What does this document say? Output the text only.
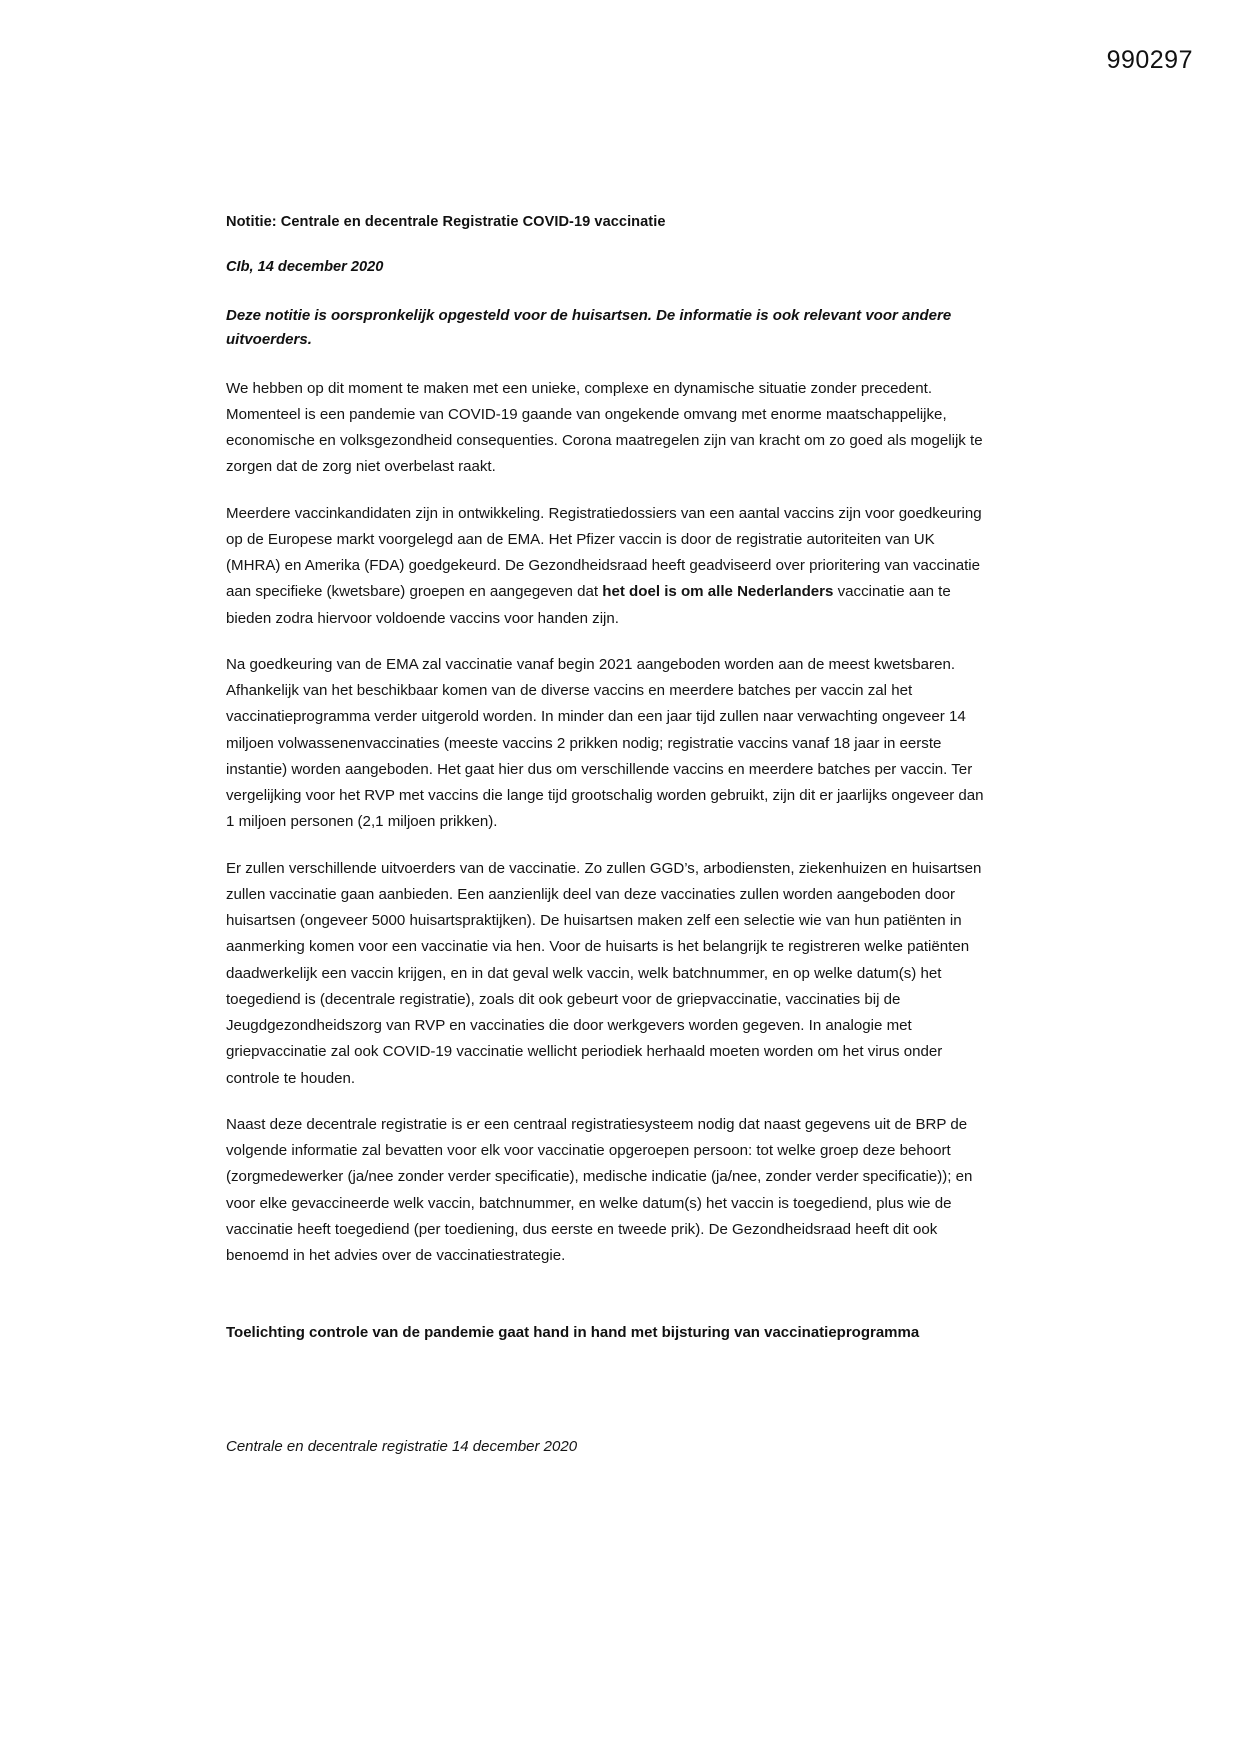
990297
Notitie: Centrale en decentrale Registratie COVID-19 vaccinatie
CIb, 14 december 2020
Deze notitie is oorspronkelijk opgesteld voor de huisartsen. De informatie is ook relevant voor andere uitvoerders.

We hebben op dit moment te maken met een unieke, complexe en dynamische situatie zonder precedent. Momenteel is een pandemie van COVID-19 gaande van ongekende omvang met enorme maatschappelijke, economische en volksgezondheid consequenties. Corona maatregelen zijn van kracht om zo goed als mogelijk te zorgen dat de zorg niet overbelast raakt.

Meerdere vaccinkandidaten zijn in ontwikkeling. Registratiedossiers van een aantal vaccins zijn voor goedkeuring op de Europese markt voorgelegd aan de EMA. Het Pfizer vaccin is door de registratie autoriteiten van UK (MHRA) en Amerika (FDA) goedgekeurd. De Gezondheidsraad heeft geadviseerd over prioritering van vaccinatie aan specifieke (kwetsbare) groepen en aangegeven dat het doel is om alle Nederlanders vaccinatie aan te bieden zodra hiervoor voldoende vaccins voor handen zijn.

Na goedkeuring van de EMA zal vaccinatie vanaf begin 2021 aangeboden worden aan de meest kwetsbaren. Afhankelijk van het beschikbaar komen van de diverse vaccins en meerdere batches per vaccin zal het vaccinatieprogramma verder uitgerold worden. In minder dan een jaar tijd zullen naar verwachting ongeveer 14 miljoen volwassenenvaccinaties (meeste vaccins 2 prikken nodig; registratie vaccins vanaf 18 jaar in eerste instantie) worden aangeboden. Het gaat hier dus om verschillende vaccins en meerdere batches per vaccin. Ter vergelijking voor het RVP met vaccins die lange tijd grootschalig worden gebruikt, zijn dit er jaarlijks ongeveer dan 1 miljoen personen (2,1 miljoen prikken).

Er zullen verschillende uitvoerders van de vaccinatie. Zo zullen GGD’s, arbodiensten, ziekenhuizen en huisartsen zullen vaccinatie gaan aanbieden. Een aanzienlijk deel van deze vaccinaties zullen worden aangeboden door huisartsen (ongeveer 5000 huisartspraktijken). De huisartsen maken zelf een selectie wie van hun patiënten in aanmerking komen voor een vaccinatie via hen. Voor de huisarts is het belangrijk te registreren welke patiënten daadwerkelijk een vaccin krijgen, en in dat geval welk vaccin, welk batchnummer, en op welke datum(s) het toegediend is (decentrale registratie), zoals dit ook gebeurt voor de griepvaccinatie, vaccinaties bij de Jeugdgezondheidszorg van RVP en vaccinaties die door werkgevers worden gegeven. In analogie met griepvaccinatie zal ook COVID-19 vaccinatie wellicht periodiek herhaald moeten worden om het virus onder controle te houden.

Naast deze decentrale registratie is er een centraal registratiesysteem nodig dat naast gegevens uit de BRP de volgende informatie zal bevatten voor elk voor vaccinatie opgeroepen persoon: tot welke groep deze behoort (zorgmedewerker (ja/nee zonder verder specificatie), medische indicatie (ja/nee, zonder verder specificatie)); en voor elke gevaccineerde welk vaccin, batchnummer, en welke datum(s) het vaccin is toegediend, plus wie de vaccinatie heeft toegediend (per toediening, dus eerste en tweede prik). De Gezondheidsraad heeft dit ook benoemd in het advies over de vaccinatiestrategie.

Toelichting controle van de pandemie gaat hand in hand met bijsturing van vaccinatieprogramma
Centrale en decentrale registratie 14 december 2020
